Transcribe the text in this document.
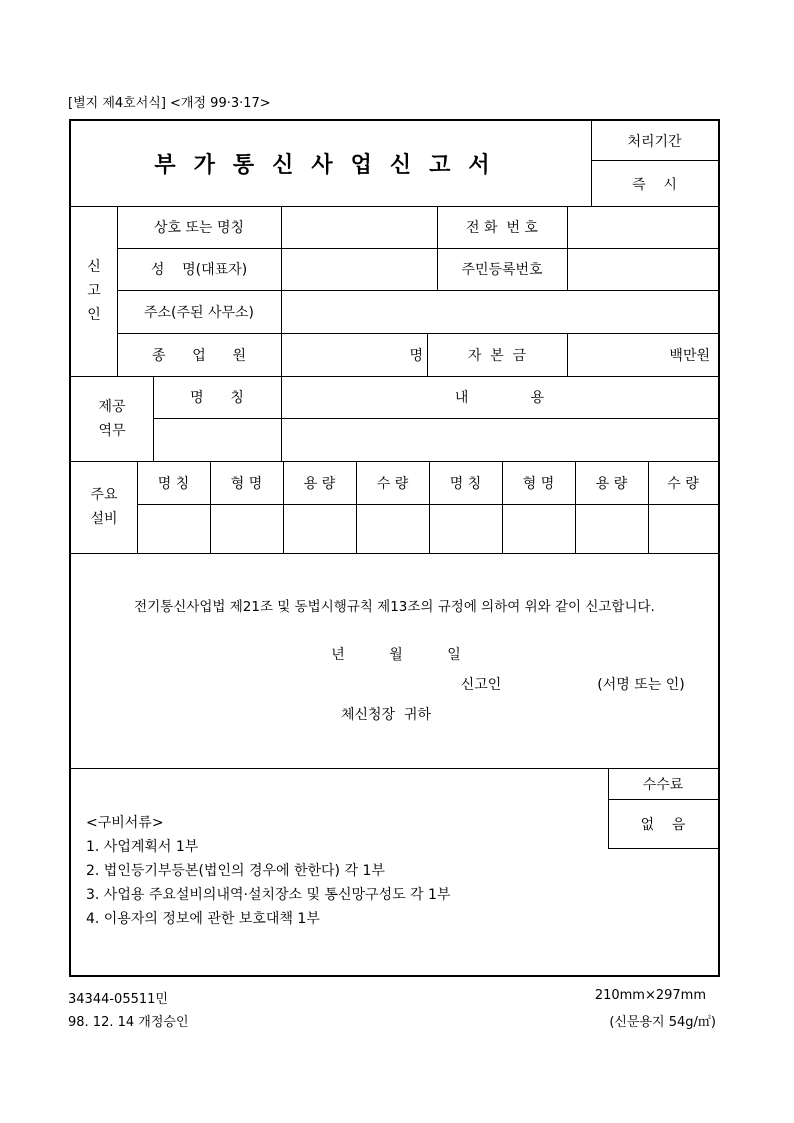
[별지 제4호서식] <개정 99·3·17>
부가통신사업신고서
처리기간
즉    시
신
고
인
상호 또는 명칭	전 화  번 호
성    명(대표자)	주민등록번호
주소(주된 사무소)
종      업      원	명	자  본  금	백만원
제공
역무
명      칭	내              용
주요
설비
명 칭	형 명	용 량	수 량	명 칭	형 명	용 량	수 량
전기통신사업법 제21조 및 동법시행규칙 제13조의 규정에 의하여 위와 같이 신고합니다.
년          월          일
신고인	(서명 또는 인)
체신청장  귀하
수수료
없    음
<구비서류>
1. 사업계획서 1부
2. 법인등기부등본(법인의 경우에 한한다) 각 1부
3. 사업용 주요설비의내역·설치장소 및 통신망구성도 각 1부
4. 이용자의 정보에 관한 보호대책 1부
34344-05511민
98. 12. 14 개정승인
210mm×297mm
(신문용지 54g/㎡)
